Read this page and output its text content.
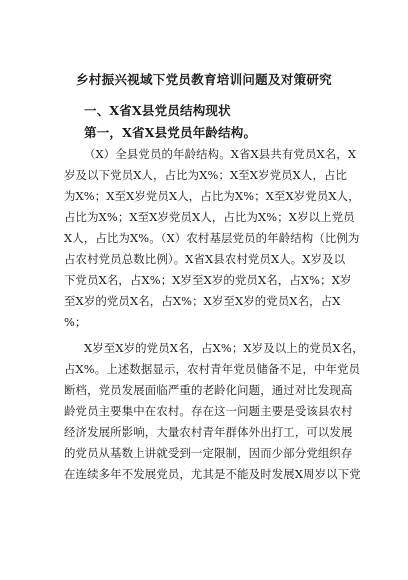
乡村振兴视域下党员教育培训问题及对策研究
一、X省X县党员结构现状
第一，X省X县党员年龄结构。
（X）全县党员的年龄结构。X省X县共有党员X名，X
岁及以下党员X人，占比为X%；X至X岁党员X人，占比
为X%；X至X岁党员X人，占比为X%；X至X岁党员X人，
占比为X%；X至X岁党员X人，占比为X%；X岁以上党员
X人，占比为X%。（X）农村基层党员的年龄结构（比例为
占农村党员总数比例）。X省X县农村党员X人。X岁及以
下党员X名，占X%；X岁至X岁的党员X名，占X%；X岁
至X岁的党员X名，占X%；X岁至X岁的党员X名，占X
%；
X岁至X岁的党员X名，占X%；X岁及以上的党员X名，
占X%。上述数据显示，农村青年党员储备不足，中年党员
断档，党员发展面临严重的老龄化问题，通过对比发现高
龄党员主要集中在农村。存在这一问题主要是受该县农村
经济发展所影响，大量农村青年群体外出打工，可以发展
的党员从基数上讲就受到一定限制，因而少部分党组织存
在连续多年不发展党员，尤其是不能及时发展X周岁以下党
